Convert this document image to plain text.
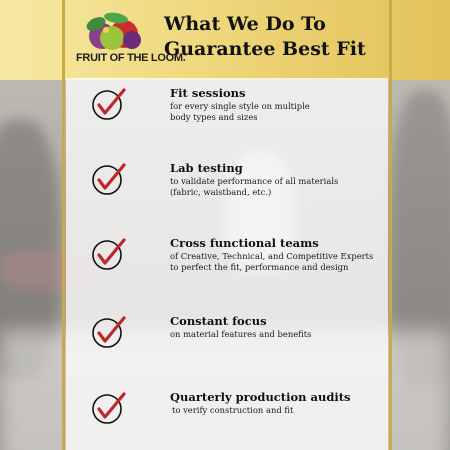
FRUIT OF THE LOOM.
What We Do To
Guarantee Best Fit
Fit sessions
for every single style on multiple
body types and sizes
Lab testing
to validate performance of all materials
(fabric, waistband, etc.)
Cross functional teams
of Creative, Technical, and Competitive Experts
to perfect the fit, performance and design
Constant focus
on material features and benefits
Quarterly production audits
to verify construction and fit
